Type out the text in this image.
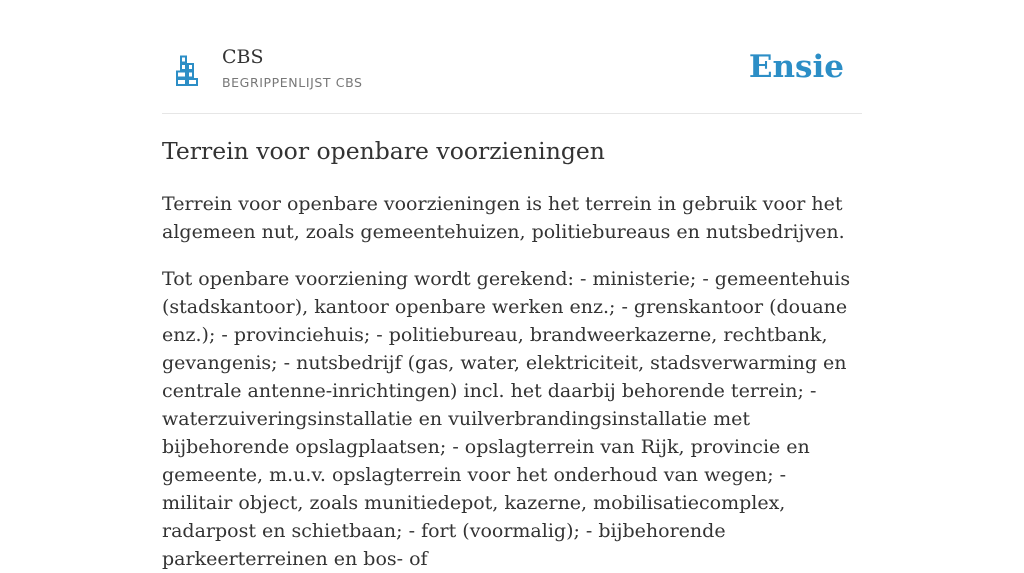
CBS
BEGRIPPENLIJST CBS	Ensie
Terrein voor openbare voorzieningen

Terrein voor openbare voorzieningen is het terrein in gebruik voor het algemeen nut, zoals gemeentehuizen, politiebureaus en nutsbedrijven.

Tot openbare voorziening wordt gerekend: - ministerie; - gemeentehuis (stadskantoor), kantoor openbare werken enz.; - grenskantoor (douane enz.); - provinciehuis; - politiebureau, brandweerkazerne, rechtbank, gevangenis; - nutsbedrijf (gas, water, elektriciteit, stadsverwarming en centrale antenne-inrichtingen) incl. het daarbij behorende terrein; - waterzuiveringsinstallatie en vuilverbrandingsinstallatie met bijbehorende opslagplaatsen; - opslagterrein van Rijk, provincie en gemeente, m.u.v. opslagterrein voor het onderhoud van wegen; - militair object, zoals munitiedepot, kazerne, mobilisatiecomplex, radarpost en schietbaan; - fort (voormalig); - bijbehorende parkeerterreinen en bos- of
